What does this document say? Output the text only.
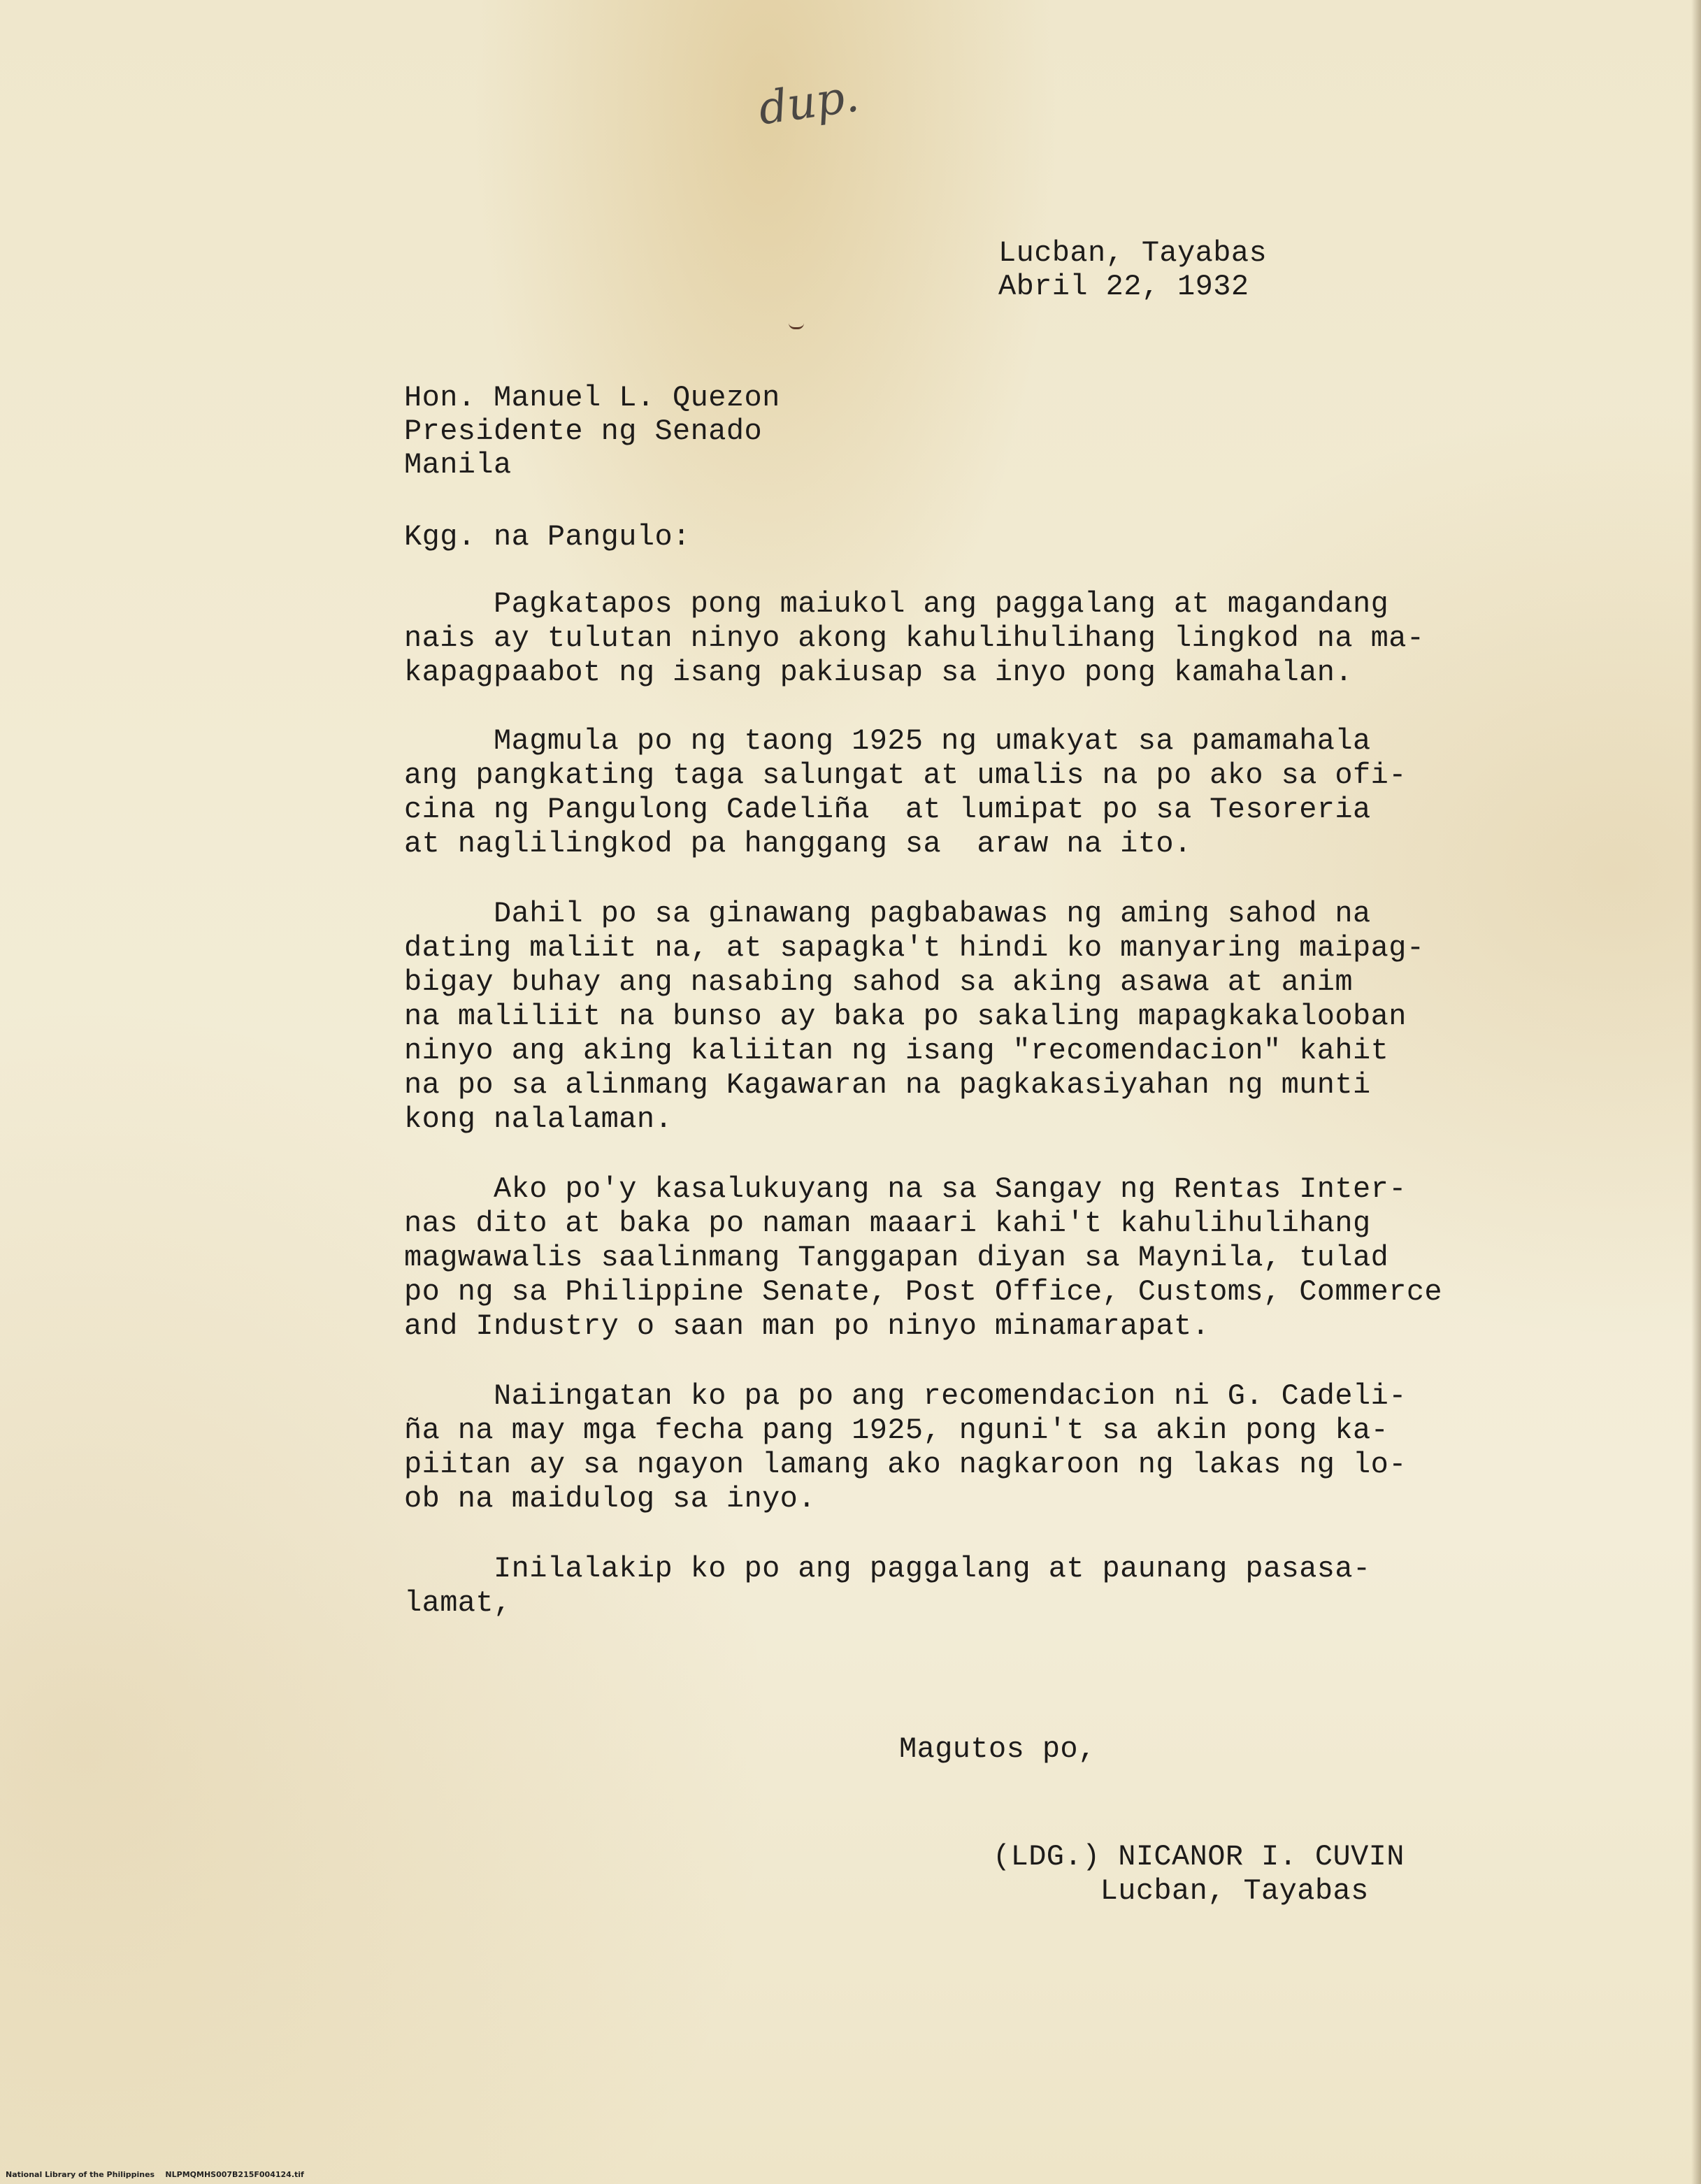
dup.
Lucban, Tayabas
Abril 22, 1932
Hon. Manuel L. Quezon
Presidente ng Senado
Manila
Kgg. na Pangulo:
Pagkatapos pong maiukol ang paggalang at magandang
nais ay tulutan ninyo akong kahulihulihang lingkod na ma-
kapagpaabot ng isang pakiusap sa inyo pong kamahalan.
Magmula po ng taong 1925 ng umakyat sa pamamahala
ang pangkating taga salungat at umalis na po ako sa ofi-
cina ng Pangulong Cadeliña  at lumipat po sa Tesoreria
at naglilingkod pa hanggang sa  araw na ito.
Dahil po sa ginawang pagbabawas ng aming sahod na
dating maliit na, at sapagka't hindi ko manyaring maipag-
bigay buhay ang nasabing sahod sa aking asawa at anim
na maliliit na bunso ay baka po sakaling mapagkakalooban
ninyo ang aking kaliitan ng isang "recomendacion" kahit
na po sa alinmang Kagawaran na pagkakasiyahan ng munti
kong nalalaman.
Ako po'y kasalukuyang na sa Sangay ng Rentas Inter-
nas dito at baka po naman maaari kahi't kahulihulihang
magwawalis saalinmang Tanggapan diyan sa Maynila, tulad
po ng sa Philippine Senate, Post Office, Customs, Commerce
and Industry o saan man po ninyo minamarapat.
Naiingatan ko pa po ang recomendacion ni G. Cadeli-
ña na may mga fecha pang 1925, nguni't sa akin pong ka-
piitan ay sa ngayon lamang ako nagkaroon ng lakas ng lo-
ob na maidulog sa inyo.
Inilalakip ko po ang paggalang at paunang pasasa-
lamat,
Magutos po,
(LDG.) NICANOR I. CUVIN
Lucban, Tayabas
National Library of the Philippines    NLPMQMHS007B215F004124.tif
